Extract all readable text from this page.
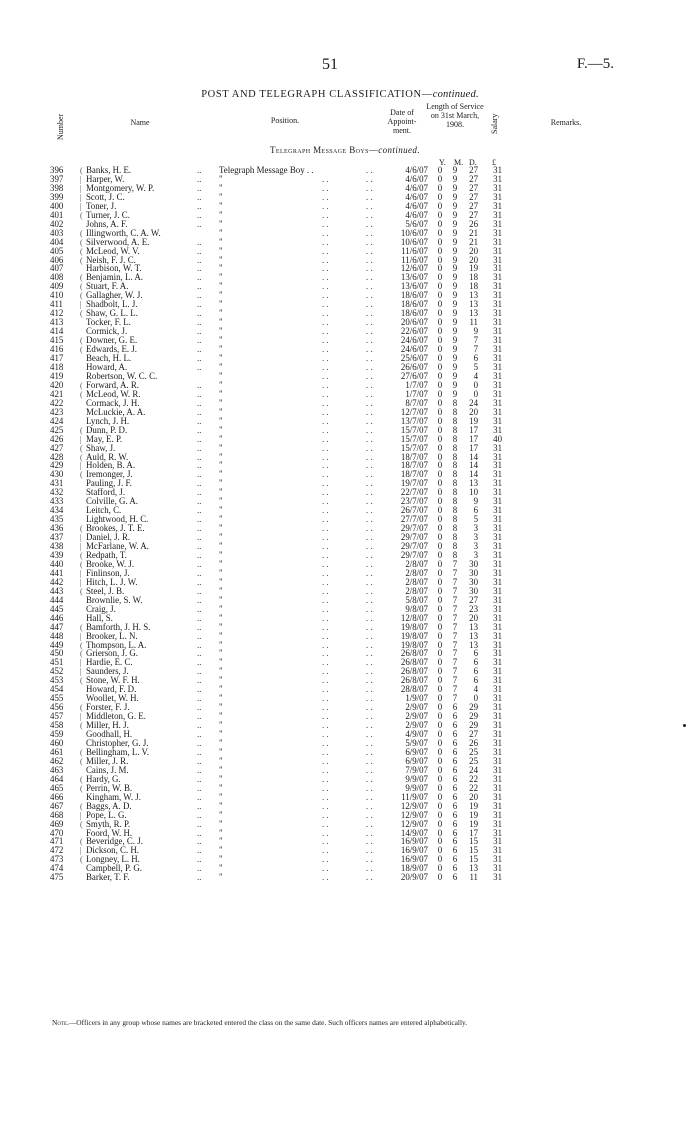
51	F.—5.
POST AND TELEGRAPH CLASSIFICATION—continued.
Number	Name	Position.
Date of Appoint- ment.
Length of Service on 31st March, 1908.	Salary	Remarks.
Telegraph Message Boys—continued.
Y. M. D. £
396	( Banks, H. E.	.. Telegraph Message Boy . .	. .	4/6/07 0 9	27	31
397	| Harper, W.	.. "	. .	. .	4/6/07 0 9	27	31
398	| Montgomery, W. P.	.. "	. .	. .	4/6/07 0 9	27	31
399	| Scott, J. C.	.. "	. .	. .	4/6/07 0 9	27	31
400	| Toner, J.	.. "	. .	. .	4/6/07 0 9	27	31
401	( Turner, J. C.	.. "	. .	. .	4/6/07 0 9	27	31
402	Johns, A. F.	.. "	. .	. .	5/6/07 0 9	26	31
403	( Illingworth, C. A. W.	"	. .	. .	10/6/07 0 9	21	31
404	( Silverwood, A. E.	.. "	. .	. .	10/6/07 0 9	21	31
405	( McLeod, W. V.	.. "	. .	. .	11/6/07 0 9	20	31
406	( Neish, F. J. C.	.. "	. .	. .	11/6/07 0 9	20	31
407	Harbison, W. T.	.. "	. .	. .	12/6/07 0 9	19	31
408	( Benjamin, L. A.	.. "	. .	. .	13/6/07 0 9	18	31
409	( Stuart, F. A.	.. "	. .	. .	13/6/07 0 9	18	31
410	( Gallagher, W. J.	.. "	. .	. .	18/6/07 0 9	13	31
411	| Shadbolt, L. J.	.. "	. .	. .	18/6/07 0 9	13	31
412	( Shaw, G. L. L.	.. "	. .	. .	18/6/07 0 9	13	31
413	Tocker, F. L.	.. "	. .	. .	20/6/07 0 9	11	31
414	Cormick, J.	.. "	. .	. .	22/6/07 0 9	9	31
415	( Downer, G. E.	.. "	. .	. .	24/6/07 0 9	7	31
416	( Edwards, E. J.	.. "	. .	. .	24/6/07 0 9	7	31
417	Beach, H. L.	.. "	. .	. .	25/6/07 0 9	6	31
418	Howard, A.	.. "	. .	. .	26/6/07 0 9	5	31
419	Robertson, W. C. C.	"	. .	. .	27/6/07 0 9	4	31
420	( Forward, A. R.	.. "	. .	. .	1/7/07 0 9	0	31
421	( McLeod, W. R.	.. "	. .	. .	1/7/07 0 9	0	31
422	Cormack, J. H.	.. "	. .	. .	8/7/07 0 8	24	31
423	McLuckie, A. A.	.. "	. .	. .	12/7/07 0 8	20	31
424	Lynch, J. H.	.. "	. .	. .	13/7/07 0 8	19	31
425	( Dunn, P. D.	.. "	. .	. .	15/7/07 0 8	17	31
426	| May, E. P.	.. "	. .	. .	15/7/07 0 8	17	40
427	( Shaw, J.	.. "	. .	. .	15/7/07 0 8	17	31
428	( Auld, R. W.	.. "	. .	. .	18/7/07 0 8	14	31
429	| Holden, B. A.	.. "	. .	. .	18/7/07 0 8	14	31
430	( Iremonger, J.	.. "	. .	. .	18/7/07 0 8	14	31
431	Pauling, J. F.	.. "	. .	. .	19/7/07 0 8	13	31
432	Stafford, J.	.. "	. .	. .	22/7/07 0 8	10	31
433	Colville, G. A.	.. "	. .	. .	23/7/07 0 8	9	31
434	Leitch, C.	.. "	. .	. .	26/7/07 0 8	6	31
435	Lightwood, H. C.	.. "	. .	. .	27/7/07 0 8	5	31
436	( Brookes, J. T. E.	.. "	. .	. .	29/7/07 0 8	3	31
437	| Daniel, J. R.	.. "	. .	. .	29/7/07 0 8	3	31
438	| McFarlane, W. A.	.. "	. .	. .	29/7/07 0 8	3	31
439	( Redpath, T.	.. "	. .	. .	29/7/07 0 8	3	31
440	( Brooke, W. J.	.. "	. .	. .	2/8/07 0 7	30	31
441	| Finlinson, J.	.. "	. .	. .	2/8/07 0 7	30	31
442	| Hitch, L. J. W.	.. "	. .	. .	2/8/07 0 7	30	31
443	( Steel, J. B.	.. "	. .	. .	2/8/07 0 7	30	31
444	Brownlie, S. W.	.. "	. .	. .	5/8/07 0 7	27	31
445	Craig, J.	.. "	. .	. .	9/8/07 0 7	23	31
446	Hall, S.	.. "	. .	. .	12/8/07 0 7	20	31
447	( Bamforth, J. H. S.	.. "	. .	. .	19/8/07 0 7	13	31
448	| Brooker, L. N.	.. "	. .	. .	19/8/07 0 7	13	31
449	( Thompson, L. A.	.. "	. .	. .	19/8/07 0 7	13	31
450	( Grierson, J. G.	.. "	. .	. .	26/8/07 0 7	6	31
451	| Hardie, E. C.	.. "	. .	. .	26/8/07 0 7	6	31
452	| Saunders, J.	.. "	. .	. .	26/8/07 0 7	6	31
453	( Stone, W. F. H.	.. "	. .	. .	26/8/07 0 7	6	31
454	Howard, F. D.	.. "	. .	. .	28/8/07 0 7	4	31
455	Woollet, W. H.	.. "	. .	. .	1/9/07 0 7	0	31
456	( Forster, F. J.	.. "	. .	. .	2/9/07 0 6	29	31
457	| Middleton, G. E.	.. "	. .	. .	2/9/07 0 6	29	31
458	( Miller, H. J.	.. "	. .	. .	2/9/07 0 6	29	31
459	Goodhall, H.	.. "	. .	. .	4/9/07 0 6	27	31
460	Christopher, G. J.	.. "	. .	. .	5/9/07 0 6	26	31
461	( Bellingham, L. V.	.. "	. .	. .	6/9/07 0 6	25	31
462	( Miller, J. R.	.. "	. .	. .	6/9/07 0 6	25	31
463	Cains, J. M.	.. "	. .	. .	7/9/07 0 6	24	31
464	( Hardy, G.	.. "	. .	. .	9/9/07 0 6	22	31
465	( Perrin, W. B.	.. "	. .	. .	9/9/07 0 6	22	31
466	Kingham, W. J.	.. "	. .	. .	11/9/07 0 6	20	31
467	( Baggs, A. D.	.. "	. .	. .	12/9/07 0 6	19	31
468	| Pope, L. G.	.. "	. .	. .	12/9/07 0 6	19	31
469	( Smyth, R. P.	.. "	. .	. .	12/9/07 0 6	19	31
470	Foord, W. H.	.. "	. .	. .	14/9/07 0 6	17	31
471	( Beveridge, C. J.	.. "	. .	. .	16/9/07 0 6	15	31
472	| Dickson, C. H.	.. "	. .	. .	16/9/07 0 6	15	31
473	( Longney, L. H.	.. "	. .	. .	16/9/07 0 6	15	31
474	Campbell, P. G.	.. "	. .	. .	18/9/07 0 6	13	31
475	Barker, T. F.	.. "	. .	. .	20/9/07 0 6	11	31
Note.—Officers in any group whose names are bracketed entered the class on the same date. Such officers names are entered alphabetically.
